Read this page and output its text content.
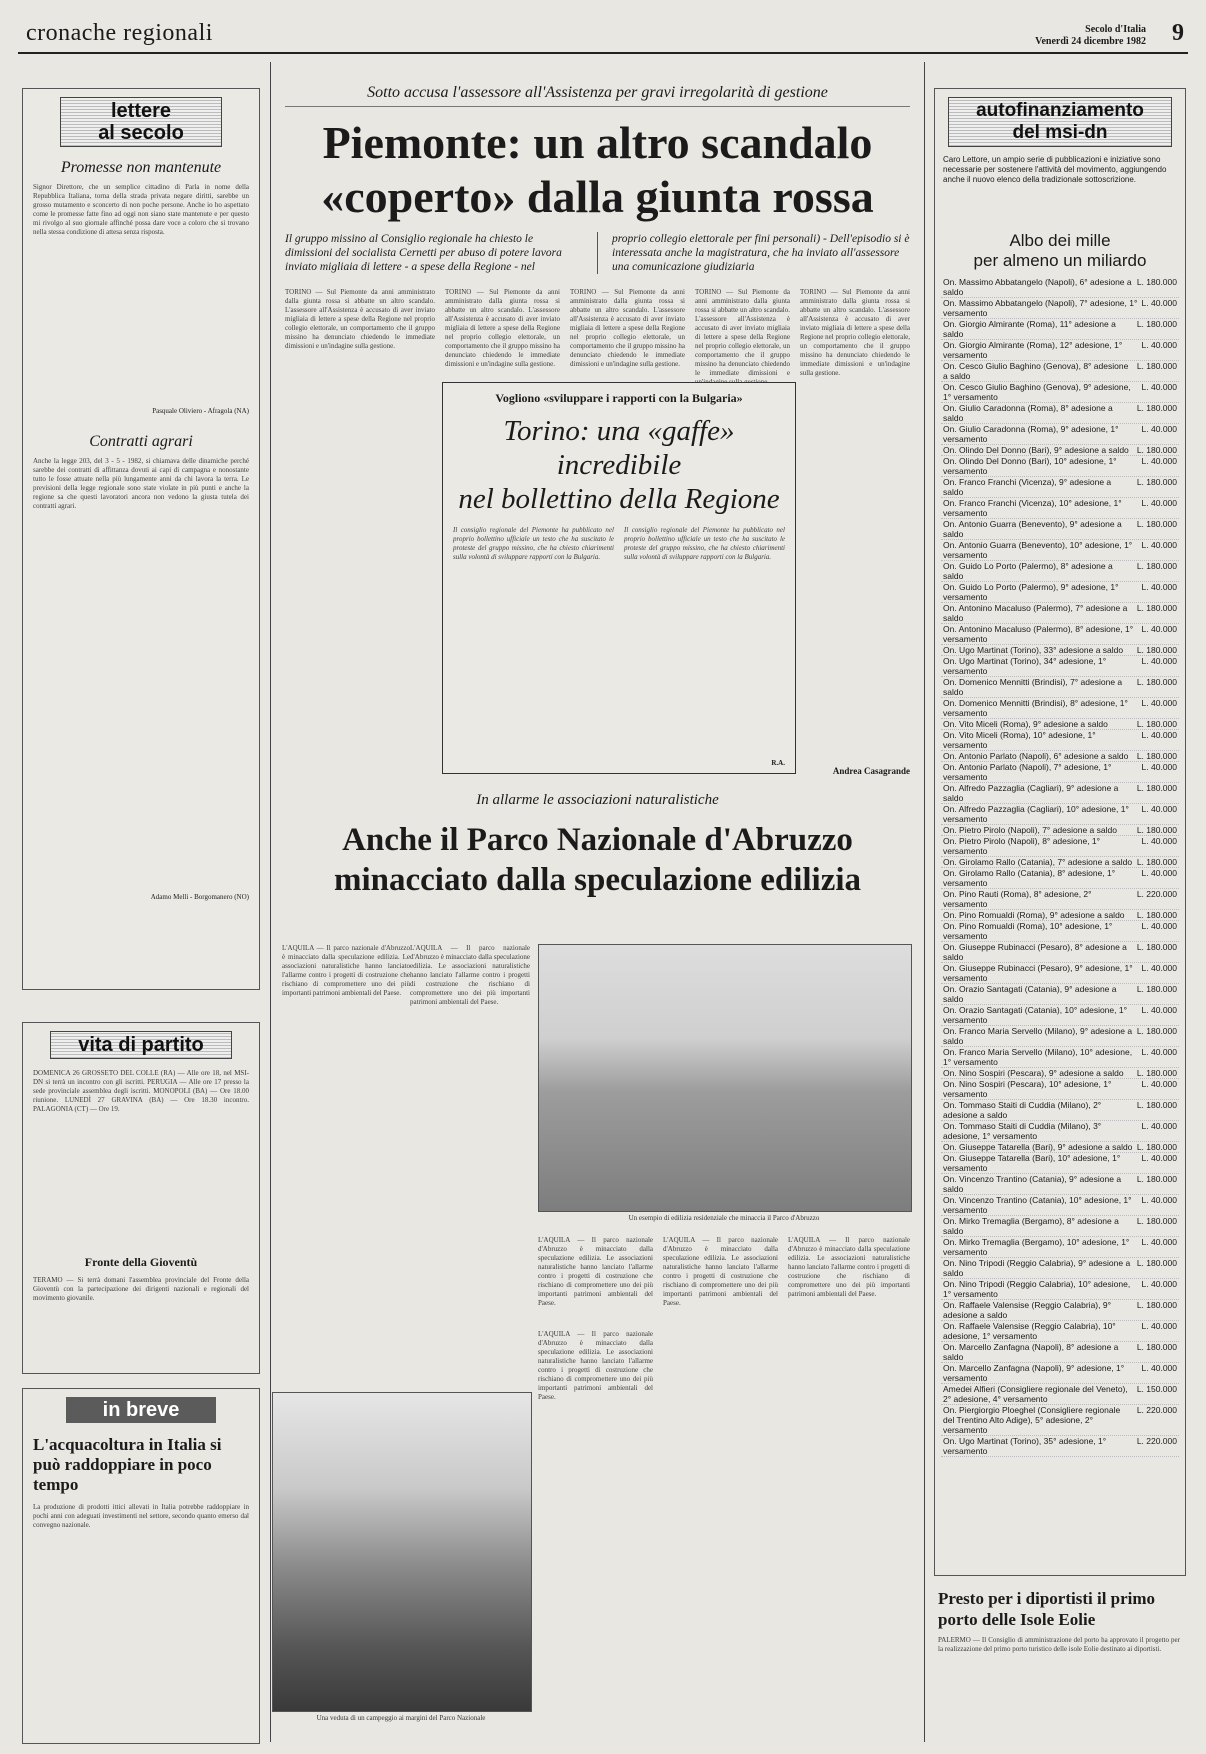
cronache regionali	Secolo d'Italia
Venerdì 24 dicembre 1982 9
lettere
al secolo
Promesse non mantenute
Signor Direttore, che un semplice cittadino di Parla in nome della Repubblica Italiana, torna della strada privata negare diritti, sarebbe un grosso mutamento e sconcerto di non poche persone. Anche io ho aspettato come le promesse fatte fino ad oggi non siano state mantenute e per questo mi rivolgo al suo giornale affinché possa dare voce a coloro che si trovano nella stessa condizione di attesa senza risposta.
Pasquale Oliviero - Afragola (NA)
Contratti agrari
Anche la legge 203, del 3 - 5 - 1982, si chiamava delle dinamiche perché sarebbe dei contratti di affittanza dovuti ai capi di campagna e nonostante tutto le fosse attuate nella più lungamente anni da chi lavora la terra. Le previsioni della legge regionale sono state violate in più punti e anche la regione sa che questi lavoratori ancora non vedono la giusta tutela dei contratti agrari.
Adamo Melli - Borgomanero (NO)
vita di partito
DOMENICA 26 GROSSETO DEL COLLE (RA) — Alle ore 18, nel MSI-DN si terrà un incontro con gli iscritti. PERUGIA — Alle ore 17 presso la sede provinciale assemblea degli iscritti. MONOPOLI (BA) — Ore 18.00 riunione. LUNEDÌ 27 GRAVINA (BA) — Ore 18.30 incontro. PALAGONIA (CT) — Ore 19.
Fronte della Gioventù
TERAMO — Si terrà domani l'assemblea provinciale del Fronte della Gioventù con la partecipazione dei dirigenti nazionali e regionali del movimento giovanile.
in breve
L'acquacoltura in Italia si può raddoppiare in poco tempo
La produzione di prodotti ittici allevati in Italia potrebbe raddoppiare in pochi anni con adeguati investimenti nel settore, secondo quanto emerso dal convegno nazionale.
Sotto accusa l'assessore all'Assistenza per gravi irregolarità di gestione
Piemonte: un altro scandalo
«coperto» dalla giunta rossa
Il gruppo missino al Consiglio regionale ha chiesto le dimissioni del socialista Cernetti per abuso di potere lavora inviato migliaia di lettere - a spese della Regione - nel
proprio collegio elettorale per fini personali) - Dell'episodio si è interessata anche la magistratura, che ha inviato all'assessore una comunicazione giudiziaria
TORINO — Sul Piemonte da anni amministrato dalla giunta rossa si abbatte un altro scandalo. L'assessore all'Assistenza è accusato di aver inviato migliaia di lettere a spese della Regione nel proprio collegio elettorale, un comportamento che il gruppo missino ha denunciato chiedendo le immediate dimissioni e un'indagine sulla gestione.
TORINO — Sul Piemonte da anni amministrato dalla giunta rossa si abbatte un altro scandalo. L'assessore all'Assistenza è accusato di aver inviato migliaia di lettere a spese della Regione nel proprio collegio elettorale, un comportamento che il gruppo missino ha denunciato chiedendo le immediate dimissioni e un'indagine sulla gestione.
TORINO — Sul Piemonte da anni amministrato dalla giunta rossa si abbatte un altro scandalo. L'assessore all'Assistenza è accusato di aver inviato migliaia di lettere a spese della Regione nel proprio collegio elettorale, un comportamento che il gruppo missino ha denunciato chiedendo le immediate dimissioni e un'indagine sulla gestione.
TORINO — Sul Piemonte da anni amministrato dalla giunta rossa si abbatte un altro scandalo. L'assessore all'Assistenza è accusato di aver inviato migliaia di lettere a spese della Regione nel proprio collegio elettorale, un comportamento che il gruppo missino ha denunciato chiedendo le immediate dimissioni e
TORINO — Sul Piemonte da anni amministrato dalla giunta rossa si abbatte un altro scandalo. L'assessore all'Assistenza è accusato di aver inviato migliaia di lettere a spese della Regione nel proprio collegio elettorale, un comportamento che il gruppo missino ha denunciato chiedendo le immediate dimissioni e un'indagine sulla gestione.
Andrea Casagrande
Vogliono «sviluppare i rapporti con la Bulgaria»
Torino: una «gaffe» incredibile
nel bollettino della Regione
Il consiglio regionale del Piemonte ha pubblicato nel proprio bollettino ufficiale un testo che ha suscitato le proteste del gruppo missino, che ha chiesto chiarimenti sulla volontà di sviluppare rapporti con la Bulgaria.
Il consiglio regionale del Piemonte ha pubblicato nel proprio bollettino ufficiale un testo che ha suscitato le proteste del gruppo missino, che ha chiesto chiarimenti sulla volontà di sviluppare rapporti con la Bulgaria.
R.A.
In allarme le associazioni naturalistiche
Anche il Parco Nazionale d'Abruzzo
minacciato dalla speculazione edilizia
L'AQUILA — Il parco nazionale d'Abruzzo è minacciato dalla speculazione edilizia. Le associazioni naturalistiche hanno lanciato l'allarme contro i progetti di costruzione che rischiano di compromettere uno dei più importanti patrimoni ambientali del Paese.
L'AQUILA — Il parco nazionale d'Abruzzo è minacciato dalla speculazione edilizia. Le associazioni naturalistiche hanno lanciato l'allarme contro i progetti di costruzione che rischiano di compromettere uno dei più importanti patrimoni ambientali del Paese.
Un esempio di edilizia residenziale che minaccia il Parco d'Abruzzo
L'AQUILA — Il parco nazionale d'Abruzzo è minacciato dalla speculazione edilizia. Le associazioni naturalistiche hanno lanciato l'allarme contro i progetti di costruzione che rischiano di compromettere uno dei più importanti patrimoni ambientali del Paese.
L'AQUILA — Il parco nazionale d'Abruzzo è minacciato dalla speculazione edilizia. Le associazioni naturalistiche hanno lanciato l'allarme contro i progetti di costruzione che rischiano di compromettere uno dei più importanti patrimoni ambientali del Paese.
L'AQUILA — Il parco nazionale d'Abruzzo è minacciato dalla speculazione edilizia. Le associazioni naturalistiche hanno lanciato l'allarme contro i progetti di costruzione che rischiano di compromettere uno dei più importanti patrimoni ambientali del Paese.
L'AQUILA — Il parco nazionale d'Abruzzo è minacciato dalla speculazione edilizia. Le associazioni naturalistiche hanno lanciato l'allarme contro i progetti di costruzione che rischiano di compromettere uno dei più importanti patrimoni ambientali del Paese.
Una veduta di un campeggio ai margini del Parco Nazionale
autofinanziamento
del msi-dn
Caro Lettore, un ampio serie di pubblicazioni e iniziative sono necessarie per sostenere l'attività del movimento, aggiungendo anche il nuovo elenco della tradizionale sottoscrizione.
Albo dei mille
per almeno un miliardo
On. Massimo Abbatangelo (Napoli), 6° adesione a saldo
L. 180.000
On. Massimo Abbatangelo (Napoli), 7° adesione, 1° versamento
L. 40.000
On. Giorgio Almirante (Roma), 11° adesione a saldo
L. 180.000
On. Giorgio Almirante (Roma), 12° adesione, 1° versamento
L. 40.000
On. Cesco Giulio Baghino (Genova), 8° adesione a saldo
L. 180.000
On. Cesco Giulio Baghino (Genova), 9° adesione, 1° versamento
L. 40.000
On. Giulio Caradonna (Roma), 8° adesione a saldo
L. 180.000
On. Giulio Caradonna (Roma), 9° adesione, 1° versamento
L. 40.000
On. Olindo Del Donno (Bari), 9° adesione a saldo L. 180.000
On. Olindo Del Donno (Bari), 10° adesione, 1° versamento
L. 40.000
On. Franco Franchi (Vicenza), 9° adesione a saldo
L. 180.000
On. Franco Franchi (Vicenza), 10° adesione, 1° versamento
L. 40.000
On. Antonio Guarra (Benevento), 9° adesione a saldo
L. 180.000
On. Antonio Guarra (Benevento), 10° adesione, 1° versamento
L. 40.000
On. Guido Lo Porto (Palermo), 8° adesione a saldo
L. 180.000
On. Guido Lo Porto (Palermo), 9° adesione, 1° versamento
L. 40.000
On. Antonino Macaluso (Palermo), 7° adesione a saldo
L. 180.000
On. Antonino Macaluso (Palermo), 8° adesione, 1° versamento
L. 40.000
On. Ugo Martinat (Torino), 33° adesione a saldo	L. 180.000
On. Ugo Martinat (Torino), 34° adesione, 1° versamento
L. 40.000
On. Domenico Mennitti (Brindisi), 7° adesione a saldo
L. 180.000
On. Domenico Mennitti (Brindisi), 8° adesione, 1° versamento
L. 40.000
On. Vito Miceli (Roma), 9° adesione a saldo	L. 180.000
On. Vito Miceli (Roma), 10° adesione, 1° versamento
L. 40.000
On. Antonio Parlato (Napoli), 6° adesione a saldo L. 180.000
On. Antonio Parlato (Napoli), 7° adesione, 1° versamento
L. 40.000
On. Alfredo Pazzaglia (Cagliari), 9° adesione a saldo
L. 180.000
On. Alfredo Pazzaglia (Cagliari), 10° adesione, 1° versamento
L. 40.000
On. Pietro Pirolo (Napoli), 7° adesione a saldo	L. 180.000
On. Pietro Pirolo (Napoli), 8° adesione, 1° versamento
L. 40.000
On. Girolamo Rallo (Catania), 7° adesione a saldo L. 180.000
On. Girolamo Rallo (Catania), 8° adesione, 1° versamento
L. 40.000
On. Pino Rauti (Roma), 8° adesione, 2° versamento
L. 220.000
On. Pino Romualdi (Roma), 9° adesione a saldo	L. 180.000
On. Pino Romualdi (Roma), 10° adesione, 1° versamento
L. 40.000
On. Giuseppe Rubinacci (Pesaro), 8° adesione a saldo
L. 180.000
On. Giuseppe Rubinacci (Pesaro), 9° adesione, 1° versamento
L. 40.000
On. Orazio Santagati (Catania), 9° adesione a saldo
L. 180.000
On. Orazio Santagati (Catania), 10° adesione, 1° versamento
L. 40.000
On. Franco Maria Servello (Milano), 9° adesione a saldo
L. 180.000
On. Franco Maria Servello (Milano), 10° adesione, 1° versamento
L. 40.000
On. Nino Sospiri (Pescara), 9° adesione a saldo	L. 180.000
On. Nino Sospiri (Pescara), 10° adesione, 1° versamento
L. 40.000
On. Tommaso Staiti di Cuddia (Milano), 2° adesione a saldo
L. 180.000
On. Tommaso Staiti di Cuddia (Milano), 3° adesione, 1° versamento
L. 40.000
On. Giuseppe Tatarella (Bari), 9° adesione a saldo L. 180.000
On. Giuseppe Tatarella (Bari), 10° adesione, 1° versamento
L. 40.000
On. Vincenzo Trantino (Catania), 9° adesione a saldo
L. 180.000
On. Vincenzo Trantino (Catania), 10° adesione, 1° versamento
L. 40.000
On. Mirko Tremaglia (Bergamo), 8° adesione a saldo
L. 180.000
On. Mirko Tremaglia (Bergamo), 10° adesione, 1° versamento
L. 40.000
On. Nino Tripodi (Reggio Calabria), 9° adesione a saldo
L. 180.000
On. Nino Tripodi (Reggio Calabria), 10° adesione, 1° versamento
L. 40.000
On. Raffaele Valensise (Reggio Calabria), 9° adesione a saldo
L. 180.000
On. Raffaele Valensise (Reggio Calabria), 10° adesione, 1° versamento
L. 40.000
On. Marcello Zanfagna (Napoli), 8° adesione a saldo
L. 180.000
On. Marcello Zanfagna (Napoli), 9° adesione, 1° versamento
L. 40.000
Amedei Alfieri (Consigliere regionale del Veneto), 2° adesione, 4° versamento
L. 150.000
On. Piergiorgio Ploeghel (Consigliere regionale del Trentino Alto Adige), 5° adesione, 2° versamento
L. 220.000
On. Ugo Martinat (Torino), 35° adesione, 1° versamento
L. 220.000
Presto per i diportisti il primo porto delle Isole Eolie
PALERMO — Il Consiglio di amministrazione del porto ha approvato il progetto per la realizzazione del primo porto turistico delle isole Eolie destinato ai diportisti.
